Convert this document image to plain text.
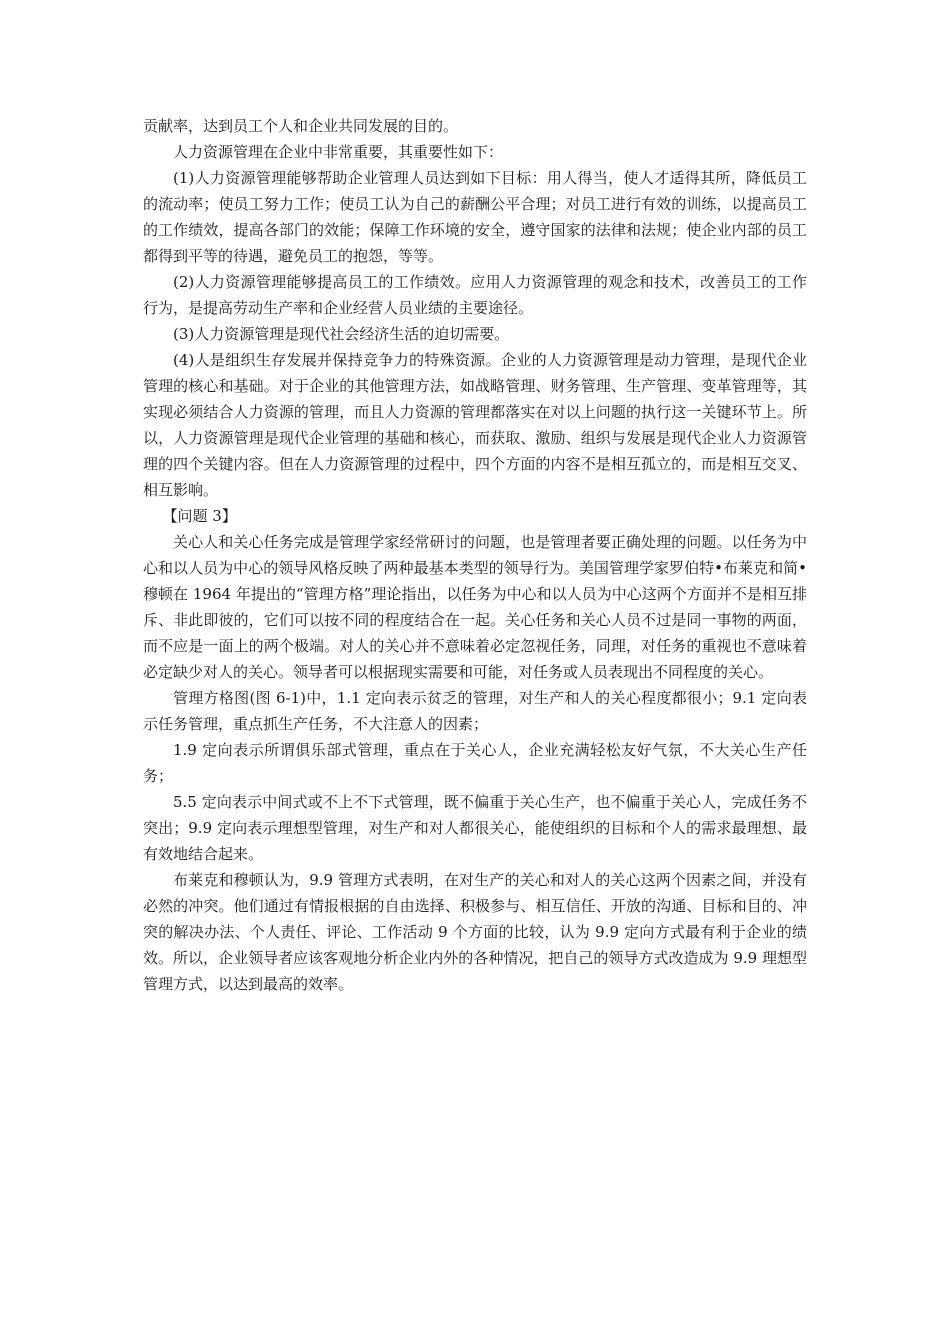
贡献率，达到员工个人和企业共同发展的目的。

人力资源管理在企业中非常重要，其重要性如下：

(1)人力资源管理能够帮助企业管理人员达到如下目标：用人得当，使人才适得其所，降低员工的流动率；使员工努力工作；使员工认为自己的薪酬公平合理；对员工进行有效的训练，以提高员工的工作绩效，提高各部门的效能；保障工作环境的安全，遵守国家的法律和法规；使企业内部的员工都得到平等的待遇，避免员工的抱怨，等等。

(2)人力资源管理能够提高员工的工作绩效。应用人力资源管理的观念和技术，改善员工的工作行为，是提高劳动生产率和企业经营人员业绩的主要途径。

(3)人力资源管理是现代社会经济生活的迫切需要。

(4)人是组织生存发展并保持竞争力的特殊资源。企业的人力资源管理是动力管理，是现代企业管理的核心和基础。对于企业的其他管理方法，如战略管理、财务管理、生产管理、变革管理等，其实现必须结合人力资源的管理，而且人力资源的管理都落实在对以上问题的执行这一关键环节上。所以，人力资源管理是现代企业管理的基础和核心，而获取、激励、组织与发展是现代企业人力资源管理的四个关键内容。但在人力资源管理的过程中，四个方面的内容不是相互孤立的，而是相互交叉、相互影响。

【问题 3】

关心人和关心任务完成是管理学家经常研讨的问题，也是管理者要正确处理的问题。以任务为中心和以人员为中心的领导风格反映了两种最基本类型的领导行为。美国管理学家罗伯特•布莱克和简•穆顿在 1964 年提出的“管理方格”理论指出，以任务为中心和以人员为中心这两个方面并不是相互排斥、非此即彼的，它们可以按不同的程度结合在一起。关心任务和关心人员不过是同一事物的两面，而不应是一面上的两个极端。对人的关心并不意味着必定忽视任务，同理，对任务的重视也不意味着必定缺少对人的关心。领导者可以根据现实需要和可能，对任务或人员表现出不同程度的关心。

管理方格图(图 6-1)中，1.1 定向表示贫乏的管理，对生产和人的关心程度都很小；9.1 定向表示任务管理，重点抓生产任务，不大注意人的因素；

1.9 定向表示所谓俱乐部式管理，重点在于关心人，企业充满轻松友好气氛，不大关心生产任务；

5.5 定向表示中间式或不上不下式管理，既不偏重于关心生产，也不偏重于关心人，完成任务不突出；9.9 定向表示理想型管理，对生产和对人都很关心，能使组织的目标和个人的需求最理想、最有效地结合起来。

布莱克和穆顿认为，9.9 管理方式表明，在对生产的关心和对人的关心这两个因素之间，并没有必然的冲突。他们通过有情报根据的自由选择、积极参与、相互信任、开放的沟通、目标和目的、冲突的解决办法、个人责任、评论、工作活动 9 个方面的比较，认为 9.9 定向方式最有利于企业的绩效。所以，企业领导者应该客观地分析企业内外的各种情况，把自己的领导方式改造成为 9.9 理想型管理方式，以达到最高的效率。
